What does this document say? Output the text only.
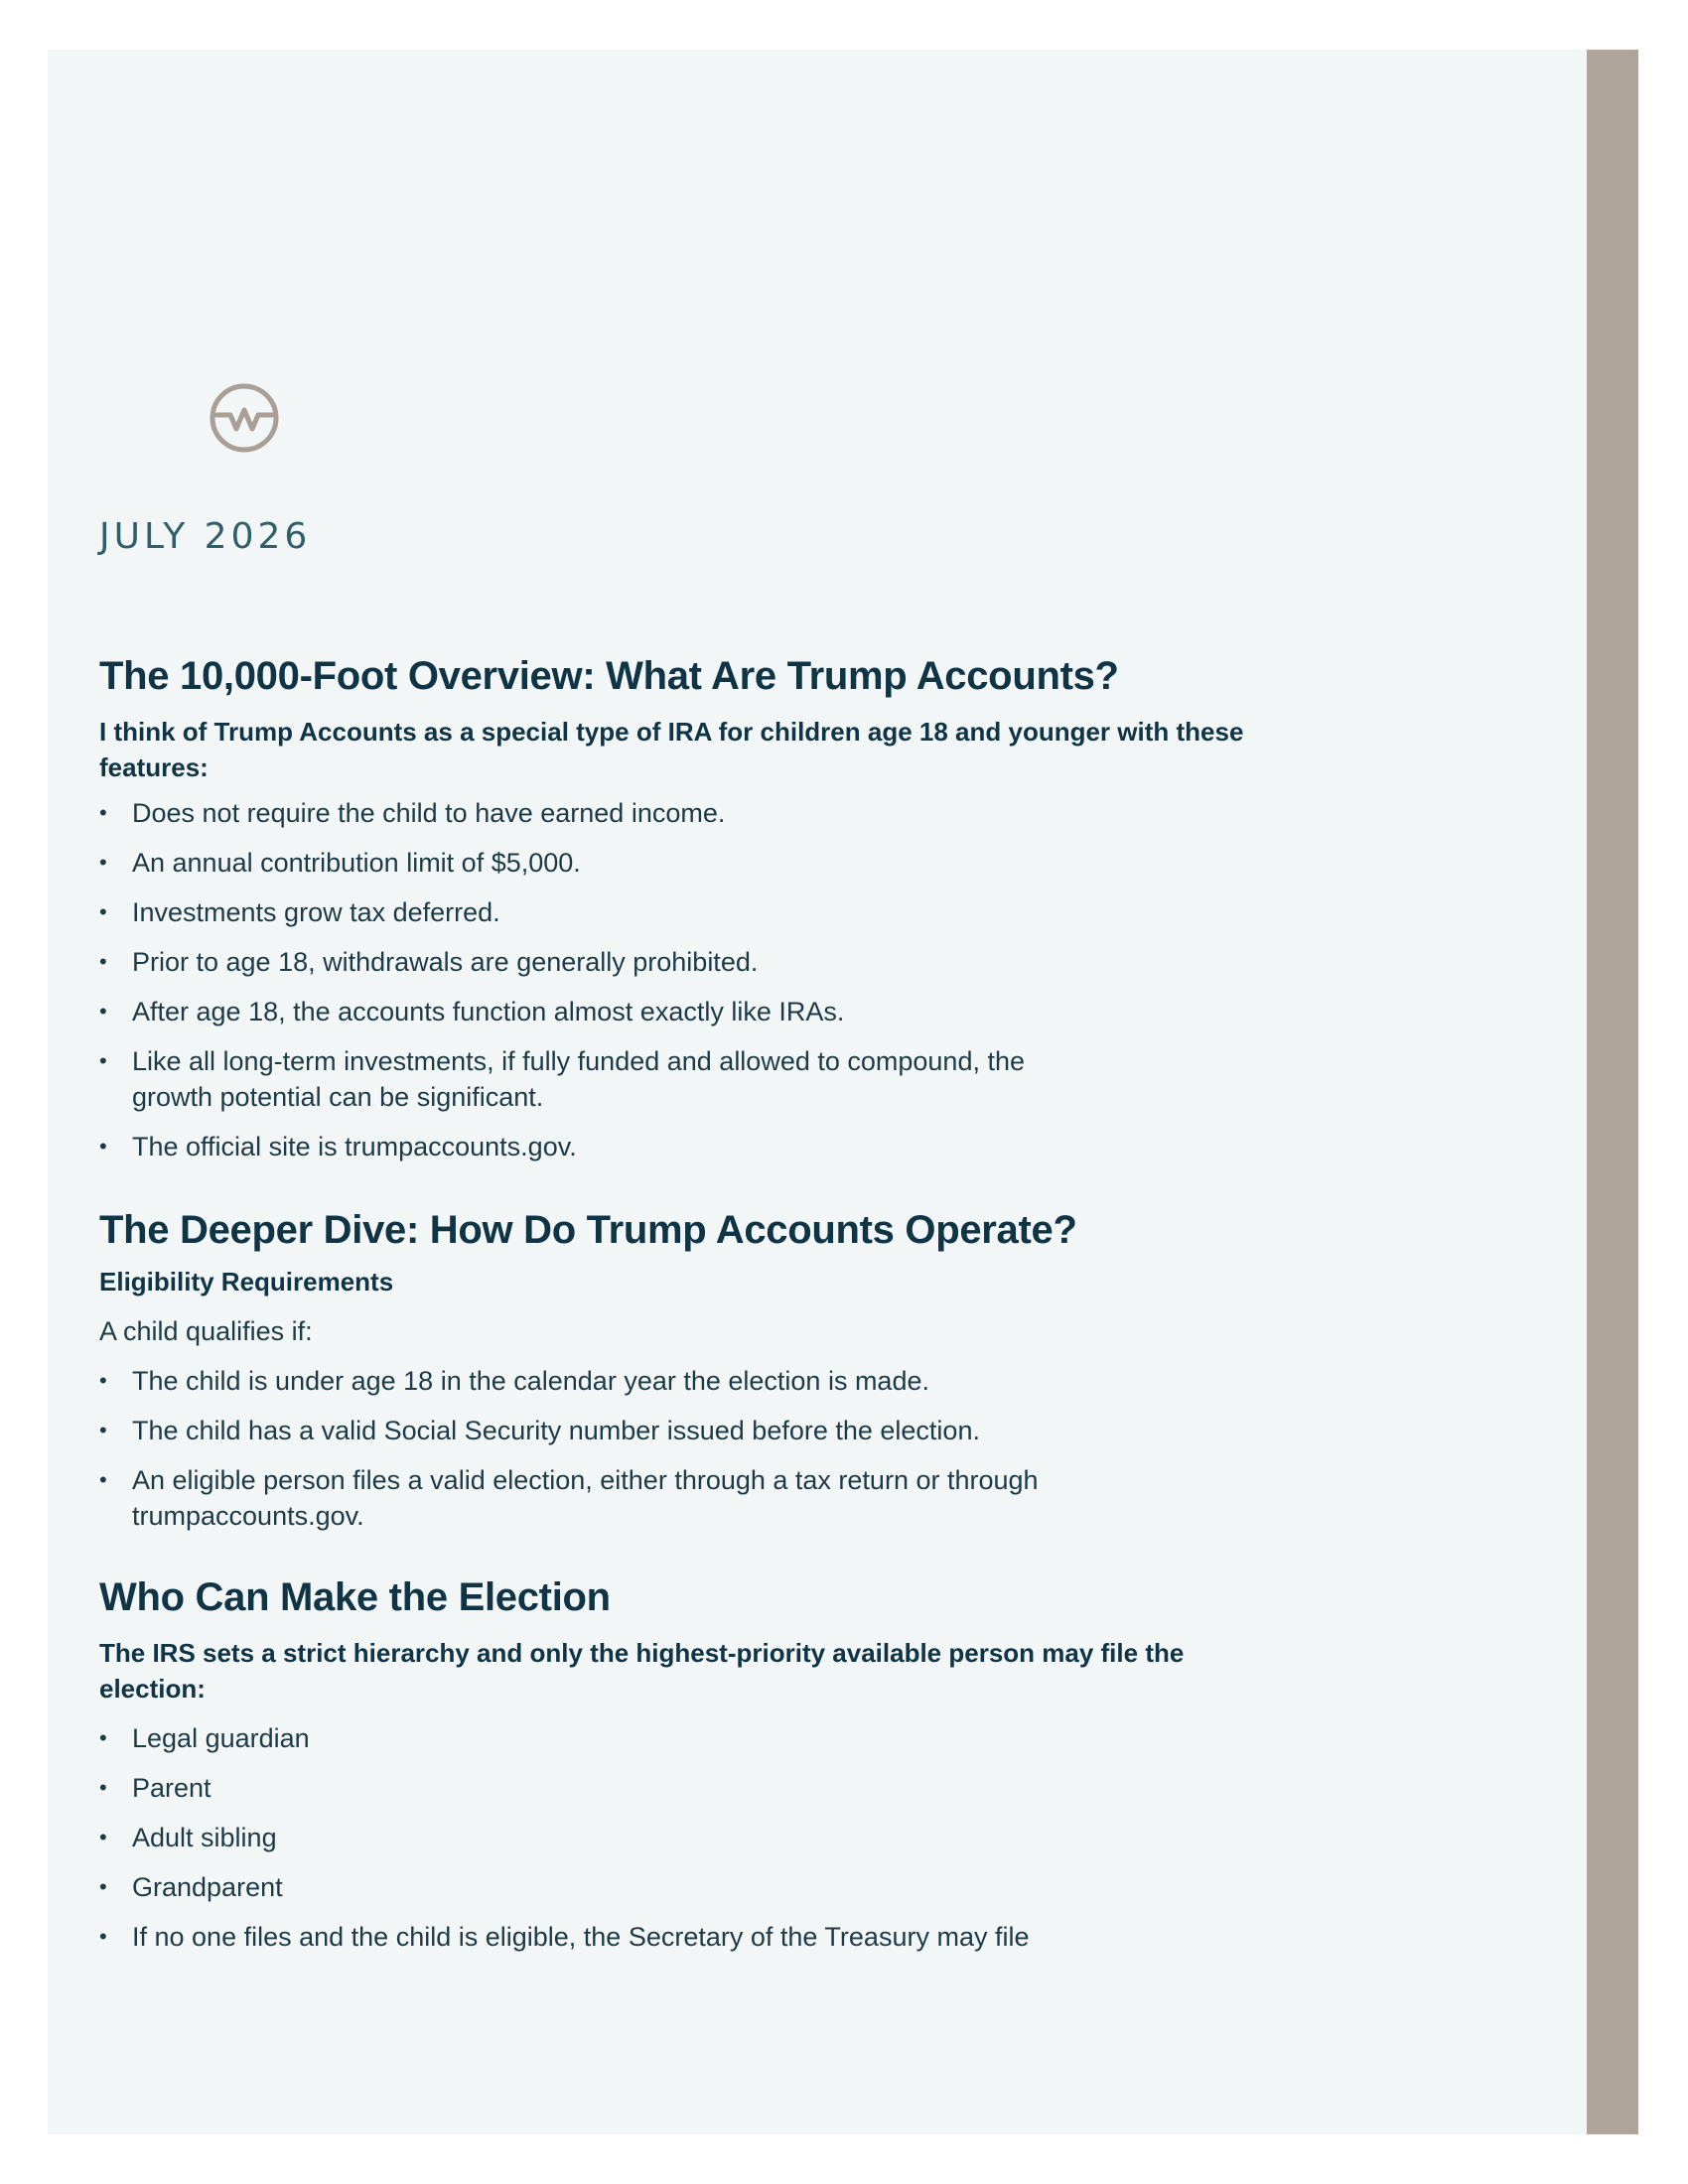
JULY 2026
The 10,000-Foot Overview: What Are Trump Accounts?

I think of Trump Accounts as a special type of IRA for children age 18 and younger with these features:

• Does not require the child to have earned income.
• An annual contribution limit of $5,000.
• Investments grow tax deferred.
• Prior to age 18, withdrawals are generally prohibited.
• After age 18, the accounts function almost exactly like IRAs.
• Like all long-term investments, if fully funded and allowed to compound, the growth potential can be significant.
• The official site is trumpaccounts.gov.
The Deeper Dive: How Do Trump Accounts Operate?

Eligibility Requirements

A child qualifies if:

• The child is under age 18 in the calendar year the election is made.
• The child has a valid Social Security number issued before the election.
• An eligible person files a valid election, either through a tax return or through trumpaccounts.gov.
Who Can Make the Election

The IRS sets a strict hierarchy and only the highest-priority available person may file the election:

• Legal guardian
• Parent
• Adult sibling
• Grandparent
• If no one files and the child is eligible, the Secretary of the Treasury may file
